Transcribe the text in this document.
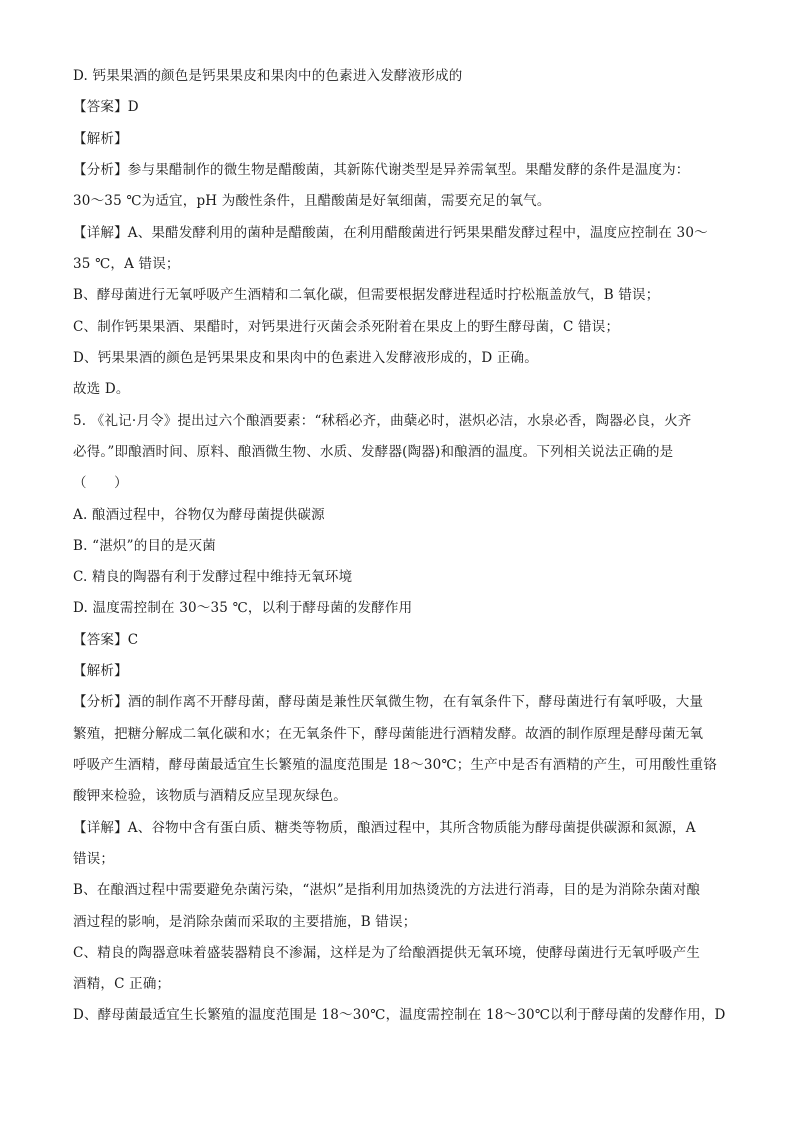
D. 钙果果酒的颜色是钙果果皮和果肉中的色素进入发酵液形成的
【答案】D
【解析】
【分析】参与果醋制作的微生物是醋酸菌，其新陈代谢类型是异养需氧型。果醋发酵的条件是温度为：
30～35 ℃为适宜，pH 为酸性条件，且醋酸菌是好氧细菌，需要充足的氧气。
【详解】A、果醋发酵利用的菌种是醋酸菌，在利用醋酸菌进行钙果果醋发酵过程中，温度应控制在 30～
35 ℃，A 错误；
B、酵母菌进行无氧呼吸产生酒精和二氧化碳，但需要根据发酵进程适时拧松瓶盖放气，B 错误；
C、制作钙果果酒、果醋时，对钙果进行灭菌会杀死附着在果皮上的野生酵母菌，C 错误；
D、钙果果酒的颜色是钙果果皮和果肉中的色素进入发酵液形成的，D 正确。
故选 D。
5. 《礼记·月令》提出过六个酿酒要素：“秫稻必齐，曲蘖必时，湛炽必洁，水泉必香，陶器必良，火齐
必得。”即酿酒时间、原料、酿酒微生物、水质、发酵器(陶器)和酿酒的温度。下列相关说法正确的是
（　　）
A. 酿酒过程中，谷物仅为酵母菌提供碳源
B. “湛炽”的目的是灭菌
C. 精良的陶器有利于发酵过程中维持无氧环境
D. 温度需控制在 30～35 ℃，以利于酵母菌的发酵作用
【答案】C
【解析】
【分析】酒的制作离不开酵母菌，酵母菌是兼性厌氧微生物，在有氧条件下，酵母菌进行有氧呼吸，大量
繁殖，把糖分解成二氧化碳和水；在无氧条件下，酵母菌能进行酒精发酵。故酒的制作原理是酵母菌无氧
呼吸产生酒精，酵母菌最适宜生长繁殖的温度范围是 18～30℃；生产中是否有酒精的产生，可用酸性重铬
酸钾来检验，该物质与酒精反应呈现灰绿色。
【详解】A、谷物中含有蛋白质、糖类等物质，酿酒过程中，其所含物质能为酵母菌提供碳源和氮源，A
错误；
B、在酿酒过程中需要避免杂菌污染，“湛炽”是指利用加热烫洗的方法进行消毒，目的是为消除杂菌对酿
酒过程的影响，是消除杂菌而采取的主要措施，B 错误；
C、精良的陶器意味着盛装器精良不渗漏，这样是为了给酿酒提供无氧环境，使酵母菌进行无氧呼吸产生
酒精，C 正确；
D、酵母菌最适宜生长繁殖的温度范围是 18～30℃，温度需控制在 18～30℃以利于酵母菌的发酵作用，D
